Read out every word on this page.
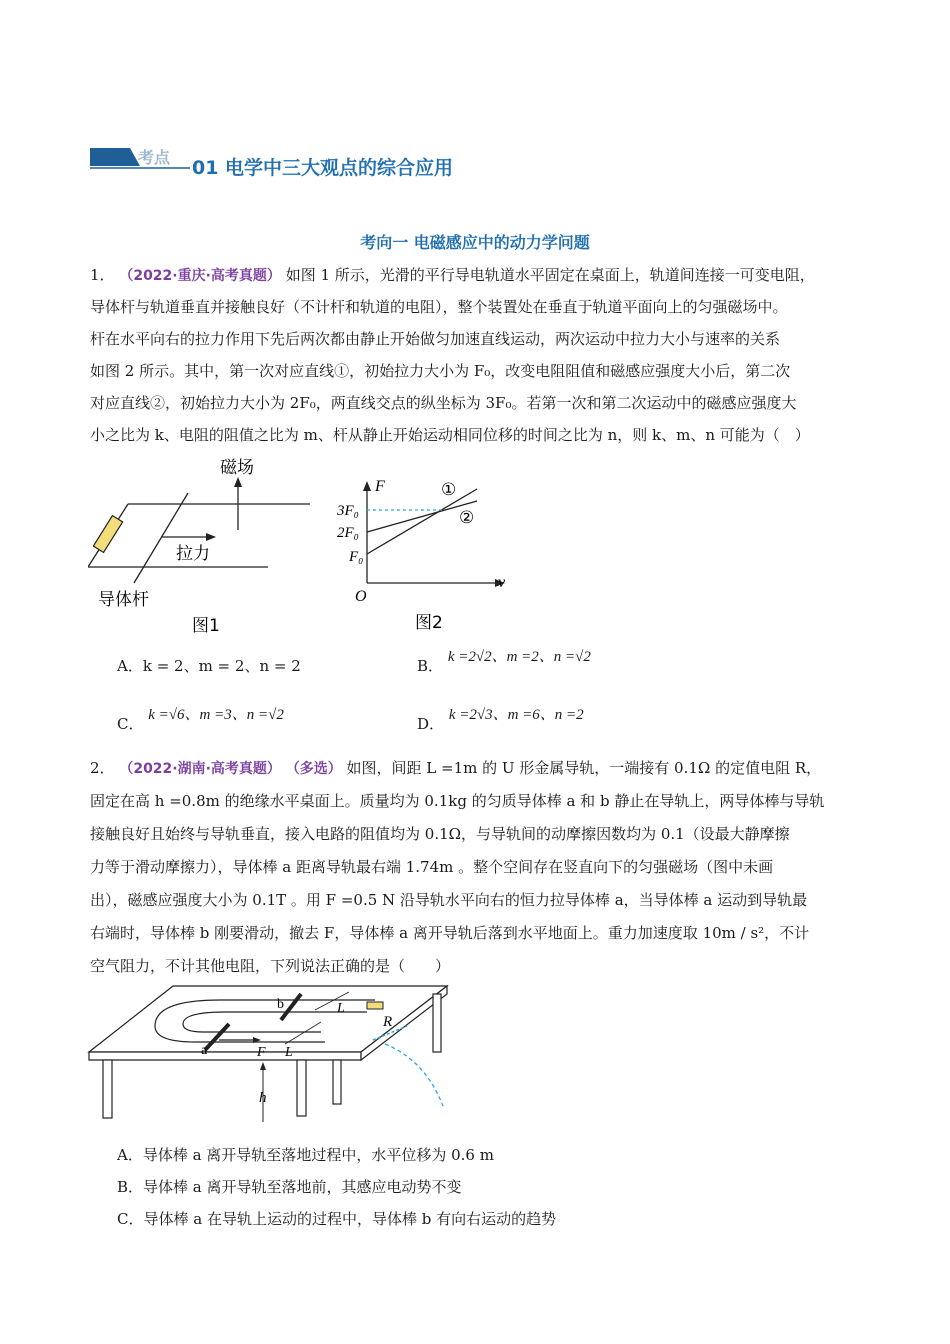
考点 01 电学中三大观点的综合应用
考向一 电磁感应中的动力学问题
1． （2022·重庆·高考真题） 如图 1 所示，光滑的平行导电轨道水平固定在桌面上，轨道间连接一可变电阻，
导体杆与轨道垂直并接触良好（不计杆和轨道的电阻），整个装置处在垂直于轨道平面向上的匀强磁场中。
杆在水平向右的拉力作用下先后两次都由静止开始做匀加速直线运动，两次运动中拉力大小与速率的关系
如图 2 所示。其中，第一次对应直线①，初始拉力大小为 F₀，改变电阻阻值和磁感应强度大小后，第二次
对应直线②，初始拉力大小为 2F₀，两直线交点的纵坐标为 3F₀。若第一次和第二次运动中的磁感应强度大
小之比为 k、电阻的阻值之比为 m、杆从静止开始运动相同位移的时间之比为 n，则 k、m、n 可能为（　）
磁场
拉力
导体杆
图1
F
v
O
3F₀
2F₀
F₀
①
②
图2
A．k = 2、m = 2、n = 2	B． k =2√2、m =2、n =√2
C． k =√6、m =3、n =√2	D． k =2√3、m =6、n =2
2． （2022·湖南·高考真题） （多选） 如图，间距 L =1m 的 U 形金属导轨，一端接有 0.1Ω 的定值电阻 R，
固定在高 h =0.8m 的绝缘水平桌面上。质量均为 0.1kg 的匀质导体棒 a 和 b 静止在导轨上，两导体棒与导轨
接触良好且始终与导轨垂直，接入电路的阻值均为 0.1Ω，与导轨间的动摩擦因数均为 0.1（设最大静摩擦
力等于滑动摩擦力），导体棒 a 距离导轨最右端 1.74m 。整个空间存在竖直向下的匀强磁场（图中未画
出），磁感应强度大小为 0.1T 。用 F =0.5 N 沿导轨水平向右的恒力拉导体棒 a，当导体棒 a 运动到导轨最
右端时，导体棒 b 刚要滑动，撤去 F，导体棒 a 离开导轨后落到水平地面上。重力加速度取 10m / s²，不计
空气阻力，不计其他电阻，下列说法正确的是（　　）
R
b
a	F L
L
h
A．导体棒 a 离开导轨至落地过程中，水平位移为 0.6 m
B．导体棒 a 离开导轨至落地前，其感应电动势不变
C．导体棒 a 在导轨上运动的过程中，导体棒 b 有向右运动的趋势
